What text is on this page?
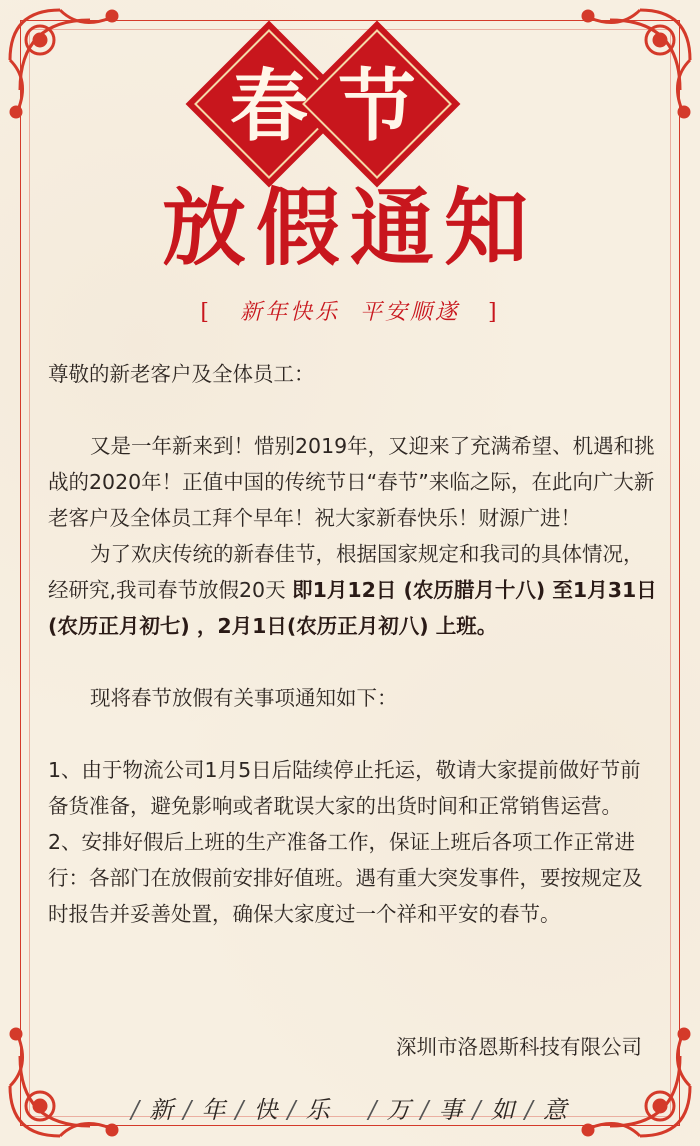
春 节
放假通知
[ 新年快乐  平安顺遂 ]

尊敬的新老客户及全体员工：

又是一年新来到！惜别2019年，又迎来了充满希望、机遇和挑战的2020年！正值中国的传统节日“春节”来临之际，在此向广大新老客户及全体员工拜个早年！祝大家新春快乐！财源广进！

为了欢庆传统的新春佳节，根据国家规定和我司的具体情况，经研究,我司春节放假20天 即1月12日 (农历腊月十八) 至1月31日 (农历正月初七) ，2月1日(农历正月初八) 上班。

现将春节放假有关事项通知如下：

1、由于物流公司1月5日后陆续停止托运，敬请大家提前做好节前备货准备，避免影响或者耽误大家的出货时间和正常销售运营。

2、安排好假后上班的生产准备工作，保证上班后各项工作正常进行：各部门在放假前安排好值班。遇有重大突发事件，要按规定及时报告并妥善处置，确保大家度过一个祥和平安的春节。

深圳市洛恩斯科技有限公司
/ 新 / 年 / 快 / 乐 / 万 / 事 / 如 / 意
